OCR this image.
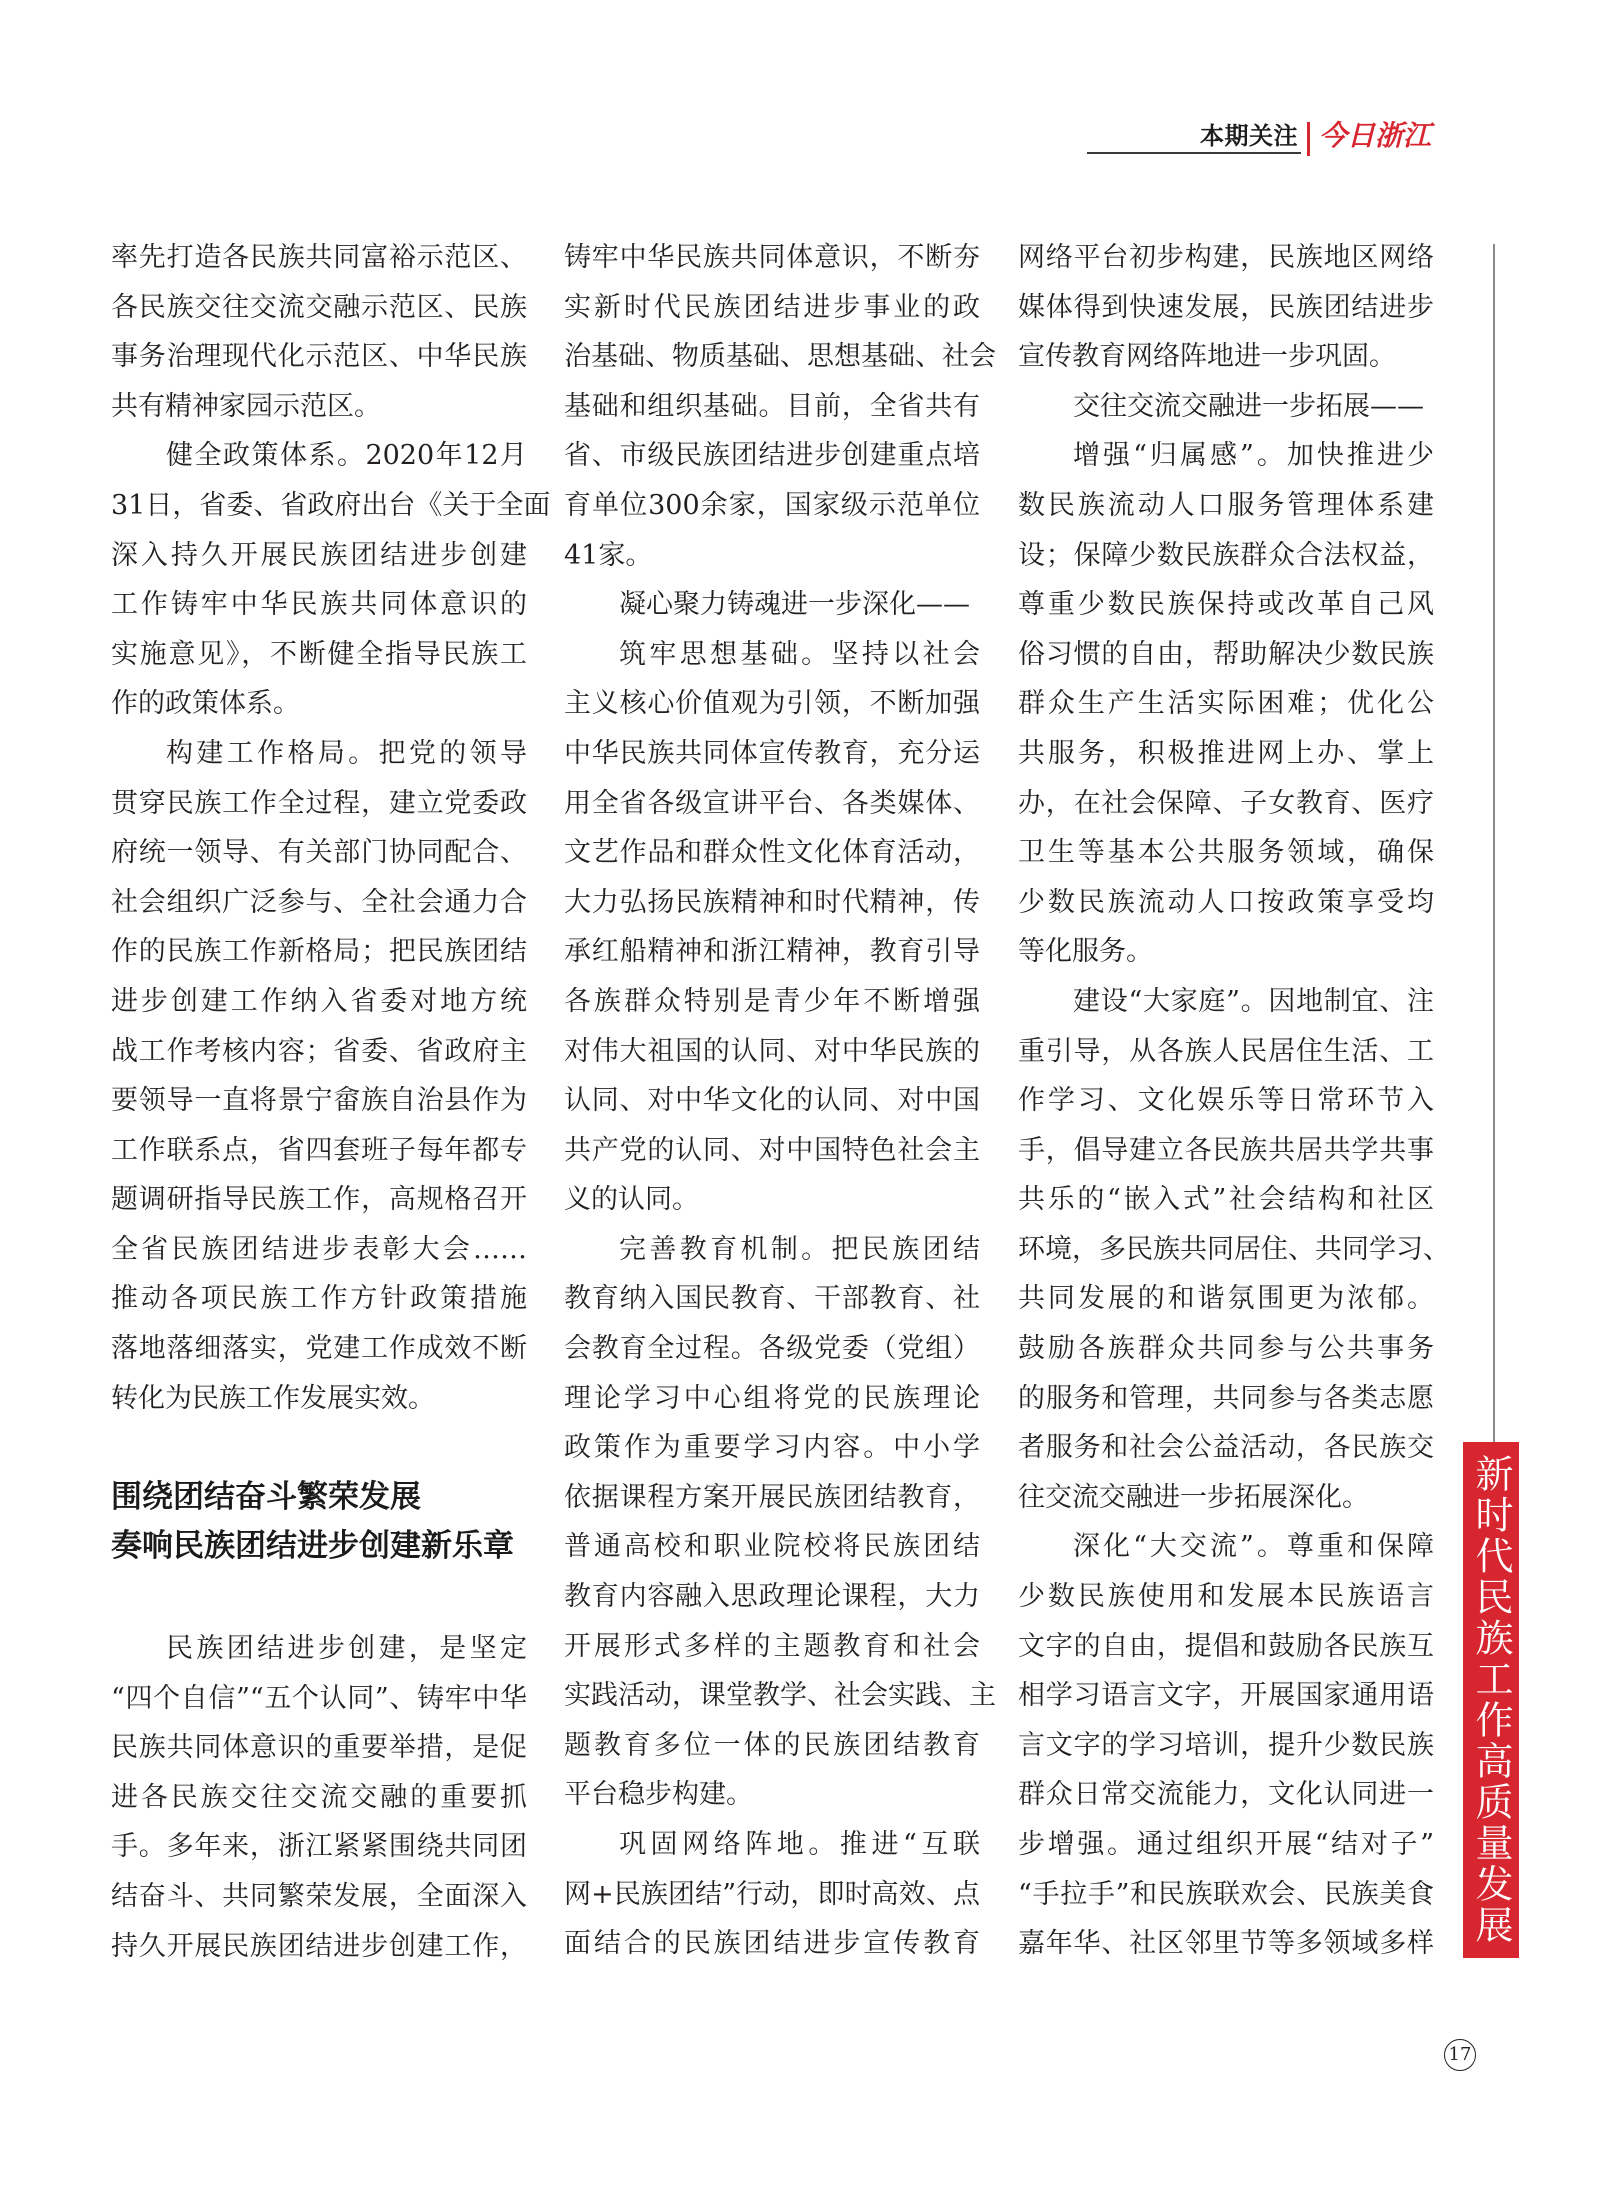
本期关注 今日浙江
率先打造各民族共同富裕示范区、
各民族交往交流交融示范区、民族
事务治理现代化示范区、中华民族
共有精神家园示范区。
健全政策体系。2020年12月
31日，省委、省政府出台《关于全面
深入持久开展民族团结进步创建
工作铸牢中华民族共同体意识的
实施意见》，不断健全指导民族工
作的政策体系。
构建工作格局。把党的领导
贯穿民族工作全过程，建立党委政
府统一领导、有关部门协同配合、
社会组织广泛参与、全社会通力合
作的民族工作新格局；把民族团结
进步创建工作纳入省委对地方统
战工作考核内容；省委、省政府主
要领导一直将景宁畲族自治县作为
工作联系点，省四套班子每年都专
题调研指导民族工作，高规格召开
全省民族团结进步表彰大会……
推动各项民族工作方针政策措施
落地落细落实，党建工作成效不断
转化为民族工作发展实效。
围绕团结奋斗繁荣发展
奏响民族团结进步创建新乐章
民族团结进步创建，是坚定
“四个自信”“五个认同”、铸牢中华
民族共同体意识的重要举措，是促
进各民族交往交流交融的重要抓
手。多年来，浙江紧紧围绕共同团
结奋斗、共同繁荣发展，全面深入
持久开展民族团结进步创建工作，
铸牢中华民族共同体意识，不断夯
实新时代民族团结进步事业的政
治基础、物质基础、思想基础、社会
基础和组织基础。目前，全省共有
省、市级民族团结进步创建重点培
育单位300余家，国家级示范单位
41家。
凝心聚力铸魂进一步深化——
筑牢思想基础。坚持以社会
主义核心价值观为引领，不断加强
中华民族共同体宣传教育，充分运
用全省各级宣讲平台、各类媒体、
文艺作品和群众性文化体育活动，
大力弘扬民族精神和时代精神，传
承红船精神和浙江精神，教育引导
各族群众特别是青少年不断增强
对伟大祖国的认同、对中华民族的
认同、对中华文化的认同、对中国
共产党的认同、对中国特色社会主
义的认同。
完善教育机制。把民族团结
教育纳入国民教育、干部教育、社
会教育全过程。各级党委（党组）
理论学习中心组将党的民族理论
政策作为重要学习内容。中小学
依据课程方案开展民族团结教育，
普通高校和职业院校将民族团结
教育内容融入思政理论课程，大力
开展形式多样的主题教育和社会
实践活动，课堂教学、社会实践、主
题教育多位一体的民族团结教育
平台稳步构建。
巩固网络阵地。推进“互联
网+民族团结”行动，即时高效、点
面结合的民族团结进步宣传教育
网络平台初步构建，民族地区网络
媒体得到快速发展，民族团结进步
宣传教育网络阵地进一步巩固。
交往交流交融进一步拓展——
增强“归属感”。加快推进少
数民族流动人口服务管理体系建
设；保障少数民族群众合法权益，
尊重少数民族保持或改革自己风
俗习惯的自由，帮助解决少数民族
群众生产生活实际困难；优化公
共服务，积极推进网上办、掌上
办，在社会保障、子女教育、医疗
卫生等基本公共服务领域，确保
少数民族流动人口按政策享受均
等化服务。
建设“大家庭”。因地制宜、注
重引导，从各族人民居住生活、工
作学习、文化娱乐等日常环节入
手，倡导建立各民族共居共学共事
共乐的“嵌入式”社会结构和社区
环境，多民族共同居住、共同学习、
共同发展的和谐氛围更为浓郁。
鼓励各族群众共同参与公共事务
的服务和管理，共同参与各类志愿
者服务和社会公益活动，各民族交
往交流交融进一步拓展深化。
深化“大交流”。尊重和保障
少数民族使用和发展本民族语言
文字的自由，提倡和鼓励各民族互
相学习语言文字，开展国家通用语
言文字的学习培训，提升少数民族
群众日常交流能力，文化认同进一
步增强。通过组织开展“结对子”
“手拉手”和民族联欢会、民族美食
嘉年华、社区邻里节等多领域多样 新时代民族工作高质量发展
17
